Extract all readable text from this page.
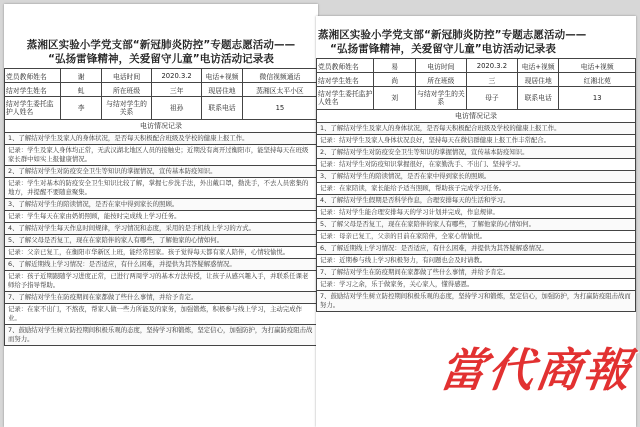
蒸湘区实验小学党支部“新冠肺炎防控”专题志愿活动——
“弘扬雷锋精神，关爱留守儿童”电访活动记录表
党员教师姓名	谢	电话时间	2020.3.2	电话+视频	微信视频通话
结对学生姓名	虬	所在班级	三年	现居住地	蒸湘区太平小区
结对学生委托监护人姓名	李	与结对学生的关系	祖孙	联系电话	15
电访情况记录
1、了解结对学生及家人的身体状况，是否每天积极配合班级及学校的健康上报工作。
记录：学生及家人身体均正常，无武汉湖北地区人员的接触史；近期没有离开过衡阳市，能坚持每天在班级家长群中如实上报健康情况。
2、了解结对学生对防疫安全卫生等知识的掌握情况，宣传基本防疫知识。
记录：学生对基本的防疫安全卫生知识比较了解，掌握七步洗手法，外出戴口罩，勤洗手，不去人员密集的地方，并提醒不要随意聚集。
3、了解结对学生的陪读情况，是否在家中得到家长的照顾。
记录：学生每天在家由奶奶照顾，能按时完成线上学习任务。
4、了解结对学生每天作息时间规律，学习情况和态度，采用的是手机线上学习的方式。
5、了解父母是否复工，现在在家陪伴的家人有哪些，了解他家的心情如何。
记录：父亲已复工，在衡阳市华新区上班，能经常回家。孩子觉得每天都有家人陪伴，心情较愉悦。
6、了解近期线上学习情况：是否适应，有什么困难，并提供为其答疑解惑情况。
记录：孩子近期跟随学习进度正常，已进行两周学习的基本方法传授，让孩子从感兴趣入手，并联系任课老师给予指导帮助。
7、了解结对学生在防疫期间在家都做了些什么事情，并给予肯定。
记录：在家不出门，不熬夜，帮家人做一些力所能及的家务，加强锻炼，积极参与线上学习，主动完成作业。
7、鼓励结对学生树立防控期间积极乐观的态度，坚持学习和锻炼，坚定信心，加强防护，为打赢防疫阻击战而努力。
蒸湘区实验小学党支部“新冠肺炎防控”专题志愿活动——
“弘扬雷锋精神，关爱留守儿童”电访活动记录表
党员教师姓名	易	电访时间	2020.3.2	电话+视频	电话+视频
结对学生姓名	尚	所在班级	三	现居住地	红湘北苑
结对学生委托监护人姓名	刘	与结对学生的关系	母子	联系电话	13
电访情况记录
1、了解结对学生及家人的身体状况，是否每天积极配合班级及学校的健康上报工作。
记录：结对学生及家人身体状况良好，坚持每天在微信群健康上报工作丰常配合。
2、了解结对学生对防疫安全卫生等知识的掌握情况，宣传基本防疫知识。
记录：结对学生对防疫知识掌握很好，在家勤洗手、不出门、坚持学习。
3、了解结对学生的陪读情况，是否在家中得到家长的照顾。
记录：在家陪读，家长能给予适当照顾，帮助孩子完成学习任务。
4、了解结对学生假期是否科学作息，合理安排每天的生活和学习。
记录：结对学生能合理安排每天的学习计划并完成，作息规律。
5、了解父母是否复工，现在在家陪伴的家人有哪些，了解他家的心情如何。
记录：母亲已复工，父亲的目前在家陪伴，全家心情愉悦。
6、了解近期线上学习情况：是否适应，有什么困难，并提供为其答疑解惑情况。
记录：近期参与线上学习积极努力，有问题也会及时请教。
7、了解结对学生在防疫期间在家都做了些什么事情，并给予肯定。
记录：学习之余，乐于做家务，关心家人，懂得感恩。
7、鼓励结对学生树立防控期间积极乐观的态度，坚持学习和锻炼，坚定信心，加强防护，为打赢防疫阻击战而努力。
當代商報
